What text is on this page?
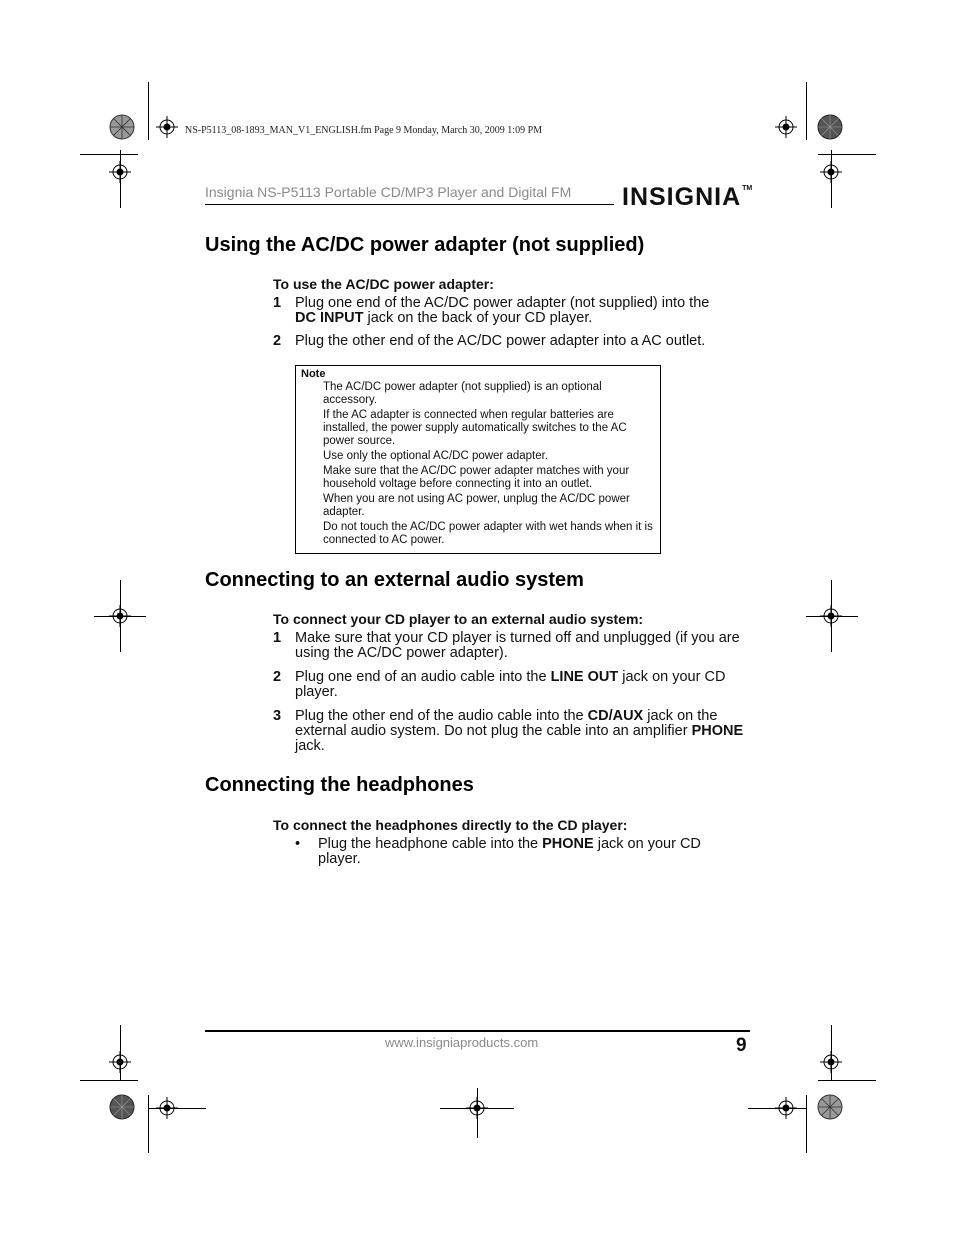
NS-P5113_08-1893_MAN_V1_ENGLISH.fm Page 9 Monday, March 30, 2009 1:09 PM
Insignia NS-P5113 Portable CD/MP3 Player and Digital FM INSIGNIA™
Using the AC/DC power adapter (not supplied)
To use the AC/DC power adapter:
1 Plug one end of the AC/DC power adapter (not supplied) into the
DC INPUT jack on the back of your CD player.
2 Plug the other end of the AC/DC power adapter into a AC outlet.
Note
The AC/DC power adapter (not supplied) is an optional accessory.
If the AC adapter is connected when regular batteries are installed, the power supply automatically switches to the AC power source.
Use only the optional AC/DC power adapter.
Make sure that the AC/DC power adapter matches with your household voltage before connecting it into an outlet.
When you are not using AC power, unplug the AC/DC power adapter.
Do not touch the AC/DC power adapter with wet hands when it is connected to AC power.
Connecting to an external audio system
To connect your CD player to an external audio system:
1 Make sure that your CD player is turned off and unplugged (if you are using the AC/DC power adapter).
2 Plug one end of an audio cable into the LINE OUT jack on your CD player.
3 Plug the other end of the audio cable into the CD/AUX jack on the external audio system. Do not plug the cable into an amplifier PHONE jack.
Connecting the headphones
To connect the headphones directly to the CD player:
• Plug the headphone cable into the PHONE jack on your CD player.
www.insigniaproducts.com	9
